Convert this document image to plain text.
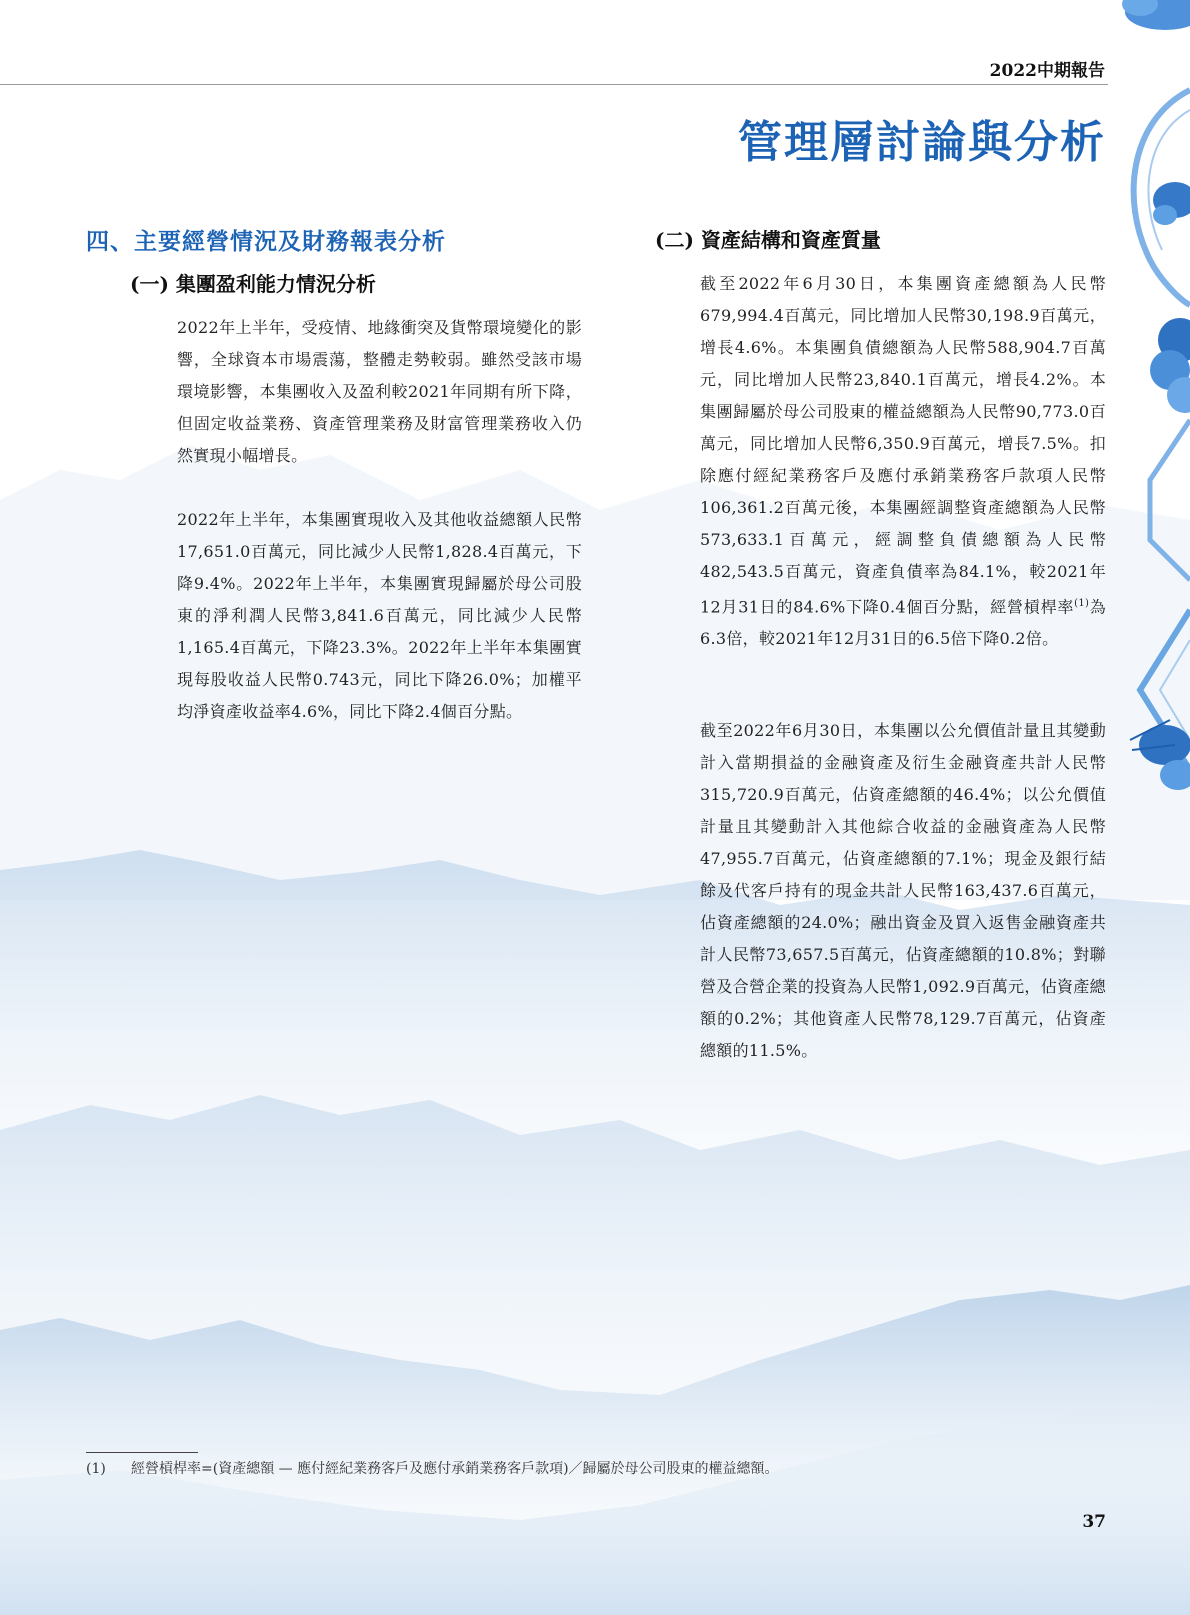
2022中期報告
管理層討論與分析
四、主要經營情況及財務報表分析
(一) 集團盈利能力情況分析

2022年上半年，受疫情、地緣衝突及貨幣環境變化的影響，全球資本市場震蕩，整體走勢較弱。雖然受該市場環境影響，本集團收入及盈利較2021年同期有所下降，但固定收益業務、資產管理業務及財富管理業務收入仍然實現小幅增長。

2022年上半年，本集團實現收入及其他收益總額人民幣17,651.0百萬元，同比減少人民幣1,828.4百萬元，下降9.4%。2022年上半年，本集團實現歸屬於母公司股東的淨利潤人民幣3,841.6百萬元，同比減少人民幣1,165.4百萬元，下降23.3%。2022年上半年本集團實現每股收益人民幣0.743元，同比下降26.0%；加權平均淨資產收益率4.6%，同比下降2.4個百分點。

(二) 資產結構和資產質量

截至2022年6月30日，本集團資產總額為人民幣679,994.4百萬元，同比增加人民幣30,198.9百萬元，增長4.6%。本集團負債總額為人民幣588,904.7百萬元，同比增加人民幣23,840.1百萬元，增長4.2%。本集團歸屬於母公司股東的權益總額為人民幣90,773.0百萬元，同比增加人民幣6,350.9百萬元，增長7.5%。扣除應付經紀業務客戶及應付承銷業務客戶款項人民幣106,361.2百萬元後，本集團經調整資產總額為人民幣573,633.1百萬元，經調整負債總額為人民幣482,543.5百萬元，資產負債率為84.1%，較2021年12月31日的84.6%下降0.4個百分點，經營槓桿率$^{(1)}$為6.3倍，較2021年12月31日的6.5倍下降0.2倍。

截至2022年6月30日，本集團以公允價值計量且其變動計入當期損益的金融資產及衍生金融資產共計人民幣315,720.9百萬元，佔資產總額的46.4%；以公允價值計量且其變動計入其他綜合收益的金融資產為人民幣47,955.7百萬元，佔資產總額的7.1%；現金及銀行結餘及代客戶持有的現金共計人民幣163,437.6百萬元，佔資產總額的24.0%；融出資金及買入返售金融資產共計人民幣73,657.5百萬元，佔資產總額的10.8%；對聯營及合營企業的投資為人民幣1,092.9百萬元，佔資產總額的0.2%；其他資產人民幣78,129.7百萬元，佔資產總額的11.5%。

(1) 經營槓桿率=(資產總額 — 應付經紀業務客戶及應付承銷業務客戶款項)／歸屬於母公司股東的權益總額。
37
